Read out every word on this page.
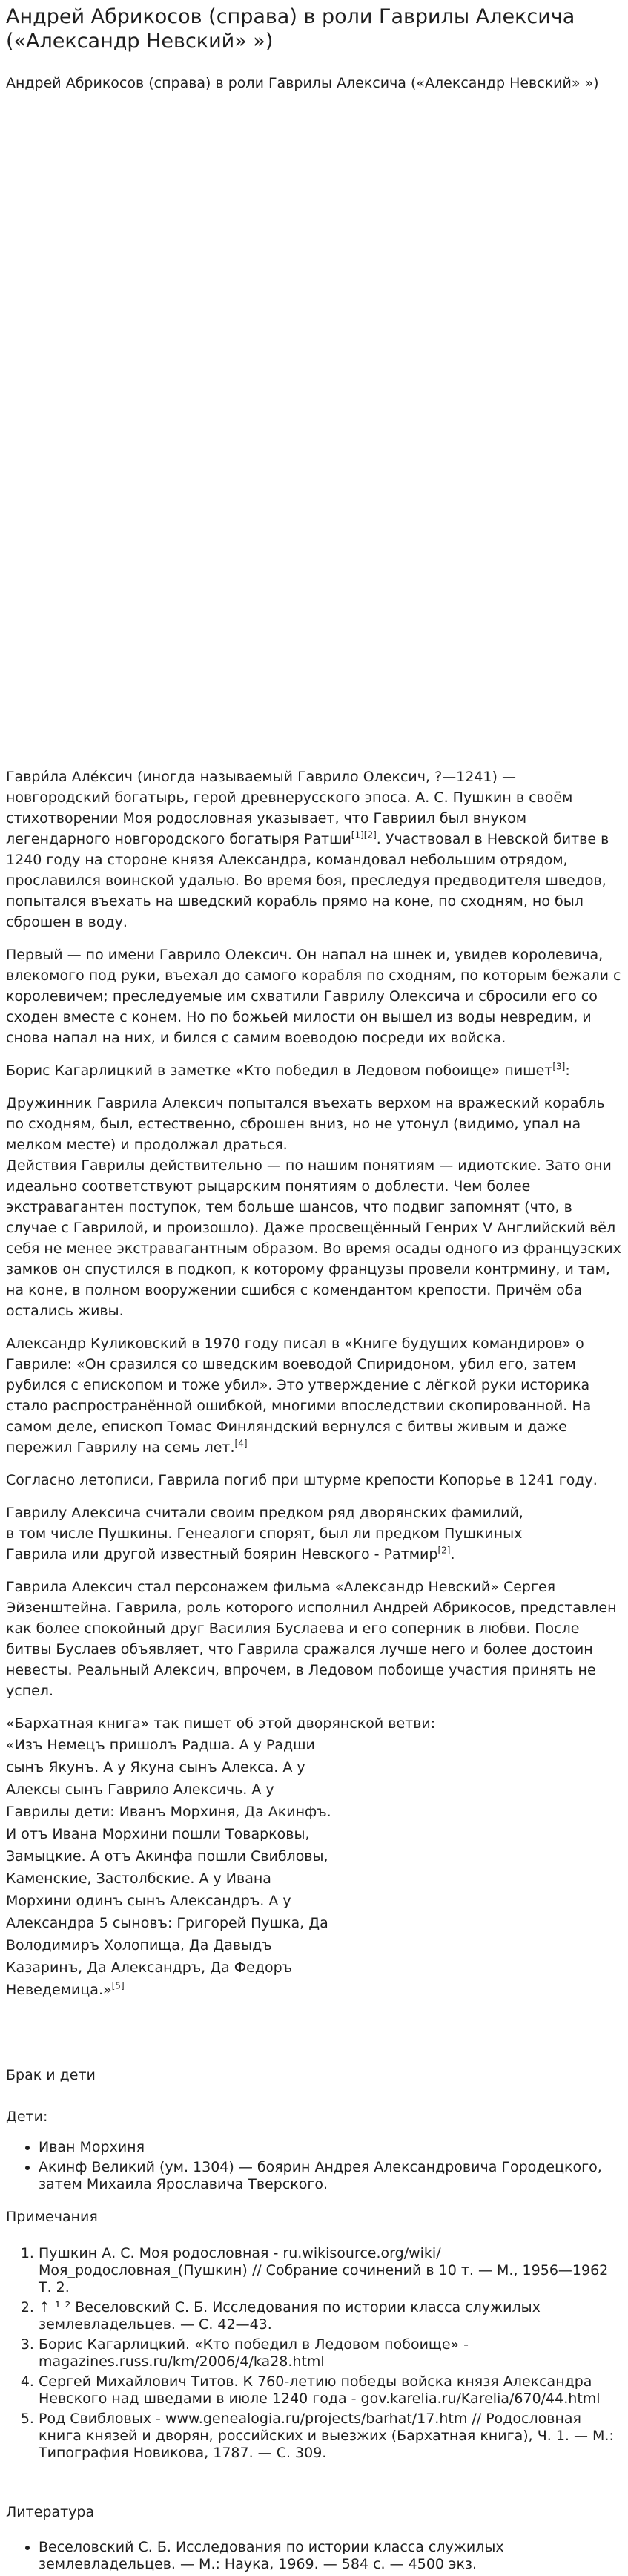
Андрей Абрикосов (справа) в роли Гаврилы Алексича («Александр Невский» »)

Андрей Абрикосов (справа) в роли Гаврилы Алексича («Александр Невский» »)

Гаври́ла Але́ксич (иногда называемый Гаврило Олексич, ?—1241) — новгородский богатырь, герой древнерусского эпоса. А. С. Пушкин в своём стихотворении Моя родословная указывает, что Гавриил был внуком легендарного новгородского богатыря Ратши[1][2]. Участвовал в Невской битве в 1240 году на стороне князя Александра, командовал небольшим отрядом, прославился воинской удалью. Во время боя, преследуя предводителя шведов, попытался въехать на шведский корабль прямо на коне, по сходням, но был сброшен в воду.

Первый — по имени Гаврило Олексич. Он напал на шнек и, увидев королевича, влекомого под руки, въехал до самого корабля по сходням, по которым бежали с королевичем; преследуемые им схватили Гаврилу Олексича и сбросили его со сходен вместе с конем. Но по божьей милости он вышел из воды невредим, и снова напал на них, и бился с самим воеводою посреди их войска.

Борис Кагарлицкий в заметке «Кто победил в Ледовом побоище» пишет[3]:

Дружинник Гаврила Алексич попытался въехать верхом на вражеский корабль по сходням, был, естественно, сброшен вниз, но не утонул (видимо, упал на мелком месте) и продолжал драться.

Действия Гаврилы действительно — по нашим понятиям — идиотские. Зато они идеально соответствуют рыцарским понятиям о доблести. Чем более экстравагантен поступок, тем больше шансов, что подвиг запомнят (что, в случае с Гаврилой, и произошло). Даже просвещённый Генрих V Английский вёл себя не менее экстравагантным образом. Во время осады одного из французских замков он спустился в подкоп, к которому французы провели контрмину, и там, на коне, в полном вооружении сшибся с комендантом крепости. Причём оба остались живы.

Александр Куликовский в 1970 году писал в «Книге будущих командиров» о Гавриле: «Он сразился со шведским воеводой Спиридоном, убил его, затем рубился с епископом и тоже убил». Это утверждение с лёгкой руки историка стало распространённой ошибкой, многими впоследствии скопированной. На самом деле, епископ Томас Финляндский вернулся с битвы живым и даже пережил Гаврилу на семь лет.[4]

Согласно летописи, Гаврила погиб при штурме крепости Копорье в 1241 году.

Гаврилу Алексича считали своим предком ряд дворянских фамилий,
в том числе Пушкины. Генеалоги спорят, был ли предком Пушкиных
Гаврила или другой известный боярин Невского - Ратмир[2].

Гаврила Алексич стал персонажем фильма «Александр Невский» Сергея Эйзенштейна. Гаврила, роль которого исполнил Андрей Абрикосов, представлен как более спокойный друг Василия Буслаева и его соперник в любви. После битвы Буслаев объявляет, что Гаврила сражался лучше него и более достоин невесты. Реальный Алексич, впрочем, в Ледовом побоище участия принять не успел.

«Бархатная книга» так пишет об этой дворянской ветви:

«Изъ Немецъ пришолъ Радша. А у Радши сынъ Якунъ. А у Якуна сынъ Алекса. А у Алексы сынъ Гаврило Алексичь. А у Гаврилы дети: Иванъ Морхиня, Да Акинфъ. И отъ Ивана Морхини пошли Товарковы, Замыцкие. А отъ Акинфа пошли Свибловы, Каменские, Застолбские. А у Ивана Морхини одинъ сынъ Александръ. А у Александра 5 сыновъ: Григорей Пушка, Да Володимиръ Холопища, Да Давыдъ Казаринъ, Да Александръ, Да Федоръ Неведемица.»[5]

Брак и дети

Дети:

• Иван Морхиня
• Акинф Великий (ум. 1304) — боярин Андрея Александровича Городецкого, затем Михаила Ярославича Тверского.

Примечания

1. Пушкин А. С. Моя родословная - ru.wikisource.org/wiki/Моя_родословная_(Пушкин) // Собрание сочинений в 10 т. — М., 1956—1962 Т. 2.
2. ↑ ¹ ² Веселовский С. Б. Исследования по истории класса служилых землевладельцев. — С. 42—43.
3. Борис Кагарлицкий. «Кто победил в Ледовом побоище» - magazines.russ.ru/km/2006/4/ka28.html
4. Сергей Михайлович Титов. К 760-летию победы войска князя Александра Невского над шведами в июле 1240 года - gov.karelia.ru/Karelia/670/44.html
5. Род Свибловых - www.genealogia.ru/projects/barhat/17.htm // Родословная книга князей и дворян, российских и выезжих (Бархатная книга), Ч. 1. — М.: Типография Новикова, 1787. — С. 309.

Литература

• Веселовский С. Б. Исследования по истории класса служилых землевладельцев. — М.: Наука, 1969. — 584 с. — 4500 экз.
